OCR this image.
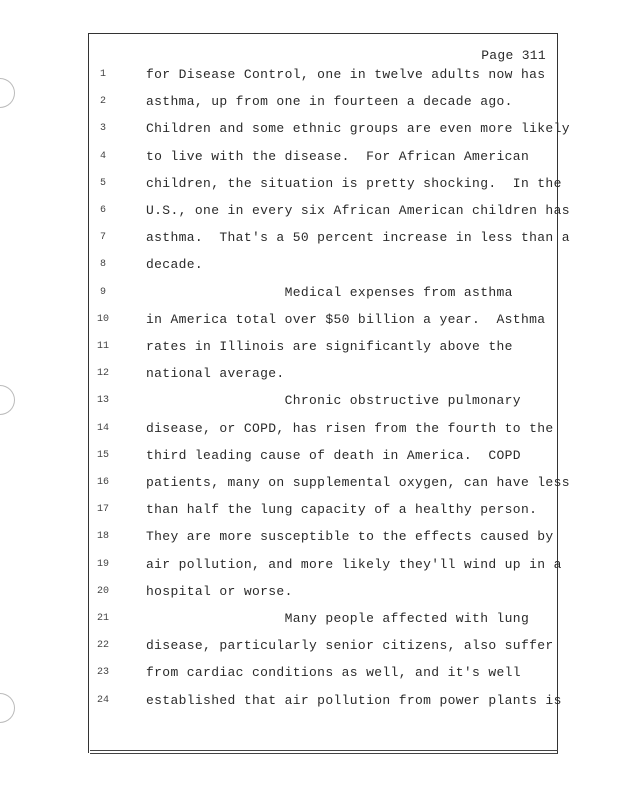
Page 311
1	for Disease Control, one in twelve adults now has
2	asthma, up from one in fourteen a decade ago.
3	Children and some ethnic groups are even more likely
4	to live with the disease.  For African American
5	children, the situation is pretty shocking.  In the
6	U.S., one in every six African American children has
7	asthma.  That's a 50 percent increase in less than a
8	decade.
9	Medical expenses from asthma
10	in America total over $50 billion a year.  Asthma
11	rates in Illinois are significantly above the
12	national average.
13	Chronic obstructive pulmonary
14	disease, or COPD, has risen from the fourth to the
15	third leading cause of death in America.  COPD
16	patients, many on supplemental oxygen, can have less
17	than half the lung capacity of a healthy person.
18	They are more susceptible to the effects caused by
19	air pollution, and more likely they'll wind up in a
20	hospital or worse.
21	Many people affected with lung
22	disease, particularly senior citizens, also suffer
23	from cardiac conditions as well, and it's well
24	established that air pollution from power plants is
